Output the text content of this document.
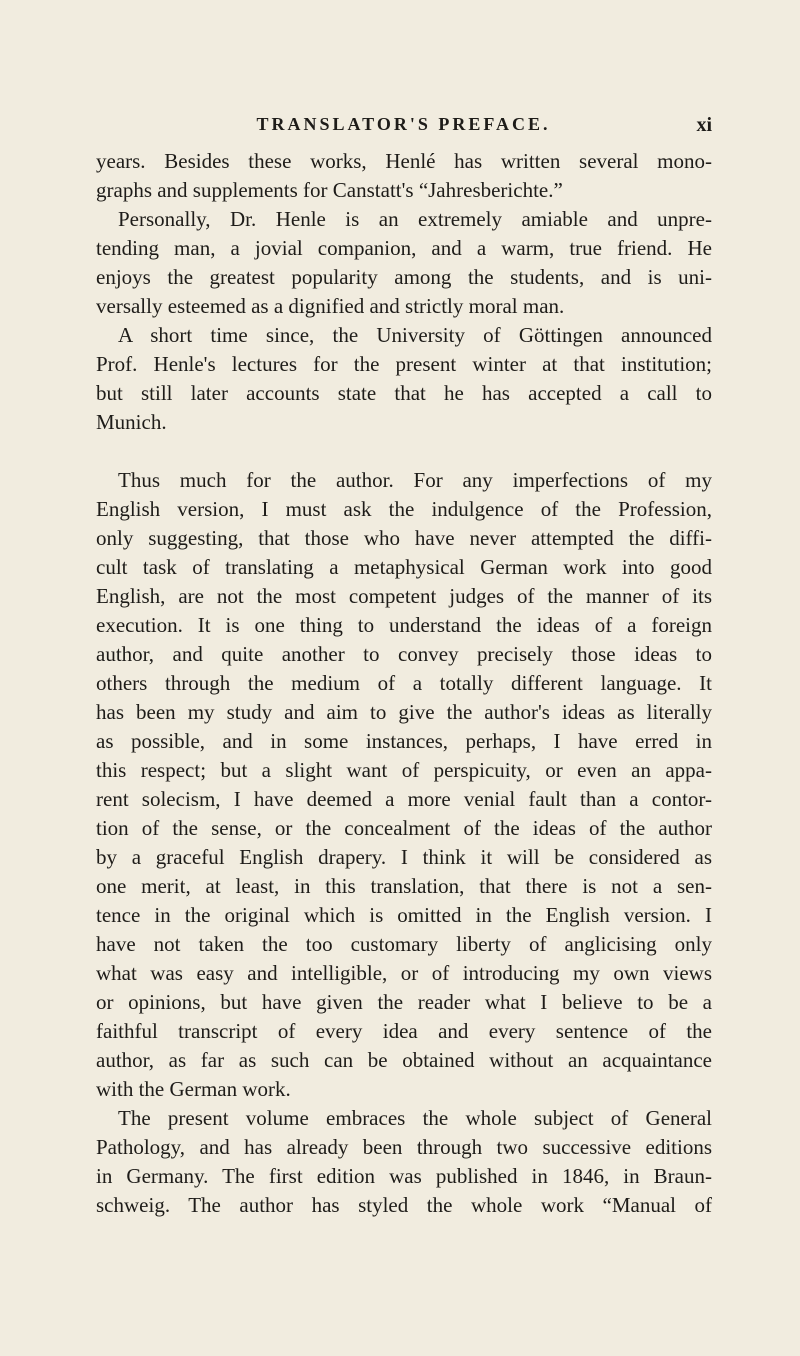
TRANSLATOR'S PREFACE.	xi
years. Besides these works, Henlé has written several mono-
graphs and supplements for Canstatt's “Jahresberichte.”
Personally, Dr. Henle is an extremely amiable and unpre-
tending man, a jovial companion, and a warm, true friend. He
enjoys the greatest popularity among the students, and is uni-
versally esteemed as a dignified and strictly moral man.
A short time since, the University of Göttingen announced
Prof. Henle's lectures for the present winter at that institution;
but still later accounts state that he has accepted a call to
Munich.
Thus much for the author. For any imperfections of my
English version, I must ask the indulgence of the Profession,
only suggesting, that those who have never attempted the diffi-
cult task of translating a metaphysical German work into good
English, are not the most competent judges of the manner of its
execution. It is one thing to understand the ideas of a foreign
author, and quite another to convey precisely those ideas to
others through the medium of a totally different language. It
has been my study and aim to give the author's ideas as literally
as possible, and in some instances, perhaps, I have erred in
this respect; but a slight want of perspicuity, or even an appa-
rent solecism, I have deemed a more venial fault than a contor-
tion of the sense, or the concealment of the ideas of the author
by a graceful English drapery. I think it will be considered as
one merit, at least, in this translation, that there is not a sen-
tence in the original which is omitted in the English version. I
have not taken the too customary liberty of anglicising only
what was easy and intelligible, or of introducing my own views
or opinions, but have given the reader what I believe to be a
faithful transcript of every idea and every sentence of the
author, as far as such can be obtained without an acquaintance
with the German work.
The present volume embraces the whole subject of General
Pathology, and has already been through two successive editions
in Germany. The first edition was published in 1846, in Braun-
schweig. The author has styled the whole work “Manual of
